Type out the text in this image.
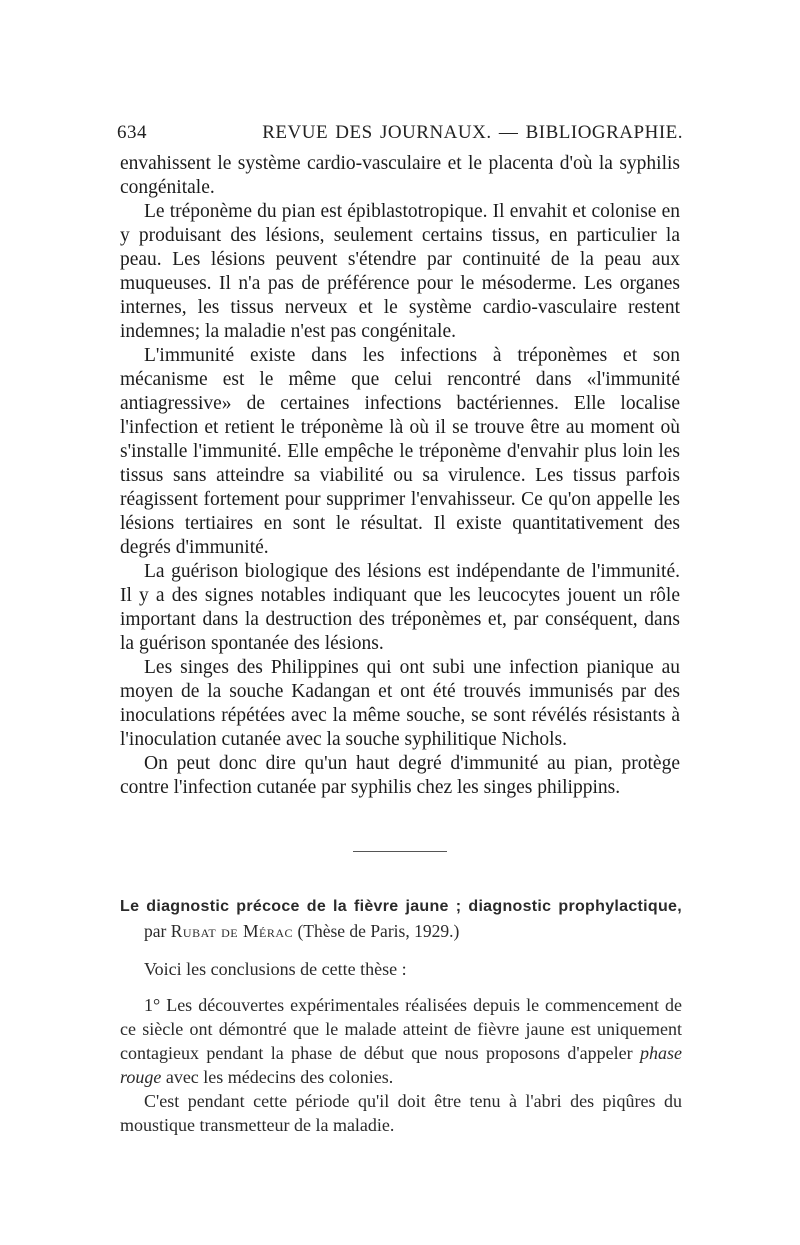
634	REVUE DES JOURNAUX. — BIBLIOGRAPHIE.

envahissent le système cardio-vasculaire et le placenta d'où la syphilis congénitale.

Le tréponème du pian est épiblastotropique. Il envahit et colonise en y produisant des lésions, seulement certains tissus, en particulier la peau. Les lésions peuvent s'étendre par continuité de la peau aux muqueuses. Il n'a pas de préférence pour le mésoderme. Les organes internes, les tissus nerveux et le système cardio-vasculaire restent indemnes; la maladie n'est pas congénitale.

L'immunité existe dans les infections à tréponèmes et son mécanisme est le même que celui rencontré dans «l'immunité antiagressive» de certaines infections bactériennes. Elle localise l'infection et retient le tréponème là où il se trouve être au moment où s'installe l'immunité. Elle empêche le tréponème d'envahir plus loin les tissus sans atteindre sa viabilité ou sa virulence. Les tissus parfois réagissent fortement pour supprimer l'envahisseur. Ce qu'on appelle les lésions tertiaires en sont le résultat. Il existe quantitativement des degrés d'immunité.

La guérison biologique des lésions est indépendante de l'immunité. Il y a des signes notables indiquant que les leucocytes jouent un rôle important dans la destruction des tréponèmes et, par conséquent, dans la guérison spontanée des lésions.

Les singes des Philippines qui ont subi une infection pianique au moyen de la souche Kadangan et ont été trouvés immunisés par des inoculations répétées avec la même souche, se sont révélés résistants à l'inoculation cutanée avec la souche syphilitique Nichols.

On peut donc dire qu'un haut degré d'immunité au pian, protège contre l'infection cutanée par syphilis chez les singes philippins.

Le diagnostic précoce de la fièvre jaune ; diagnostic prophylactique, par Rubat de Mérac (Thèse de Paris, 1929.)

Voici les conclusions de cette thèse :

1° Les découvertes expérimentales réalisées depuis le commencement de ce siècle ont démontré que le malade atteint de fièvre jaune est uniquement contagieux pendant la phase de début que nous proposons d'appeler phase rouge avec les médecins des colonies.

C'est pendant cette période qu'il doit être tenu à l'abri des piqûres du moustique transmetteur de la maladie.
